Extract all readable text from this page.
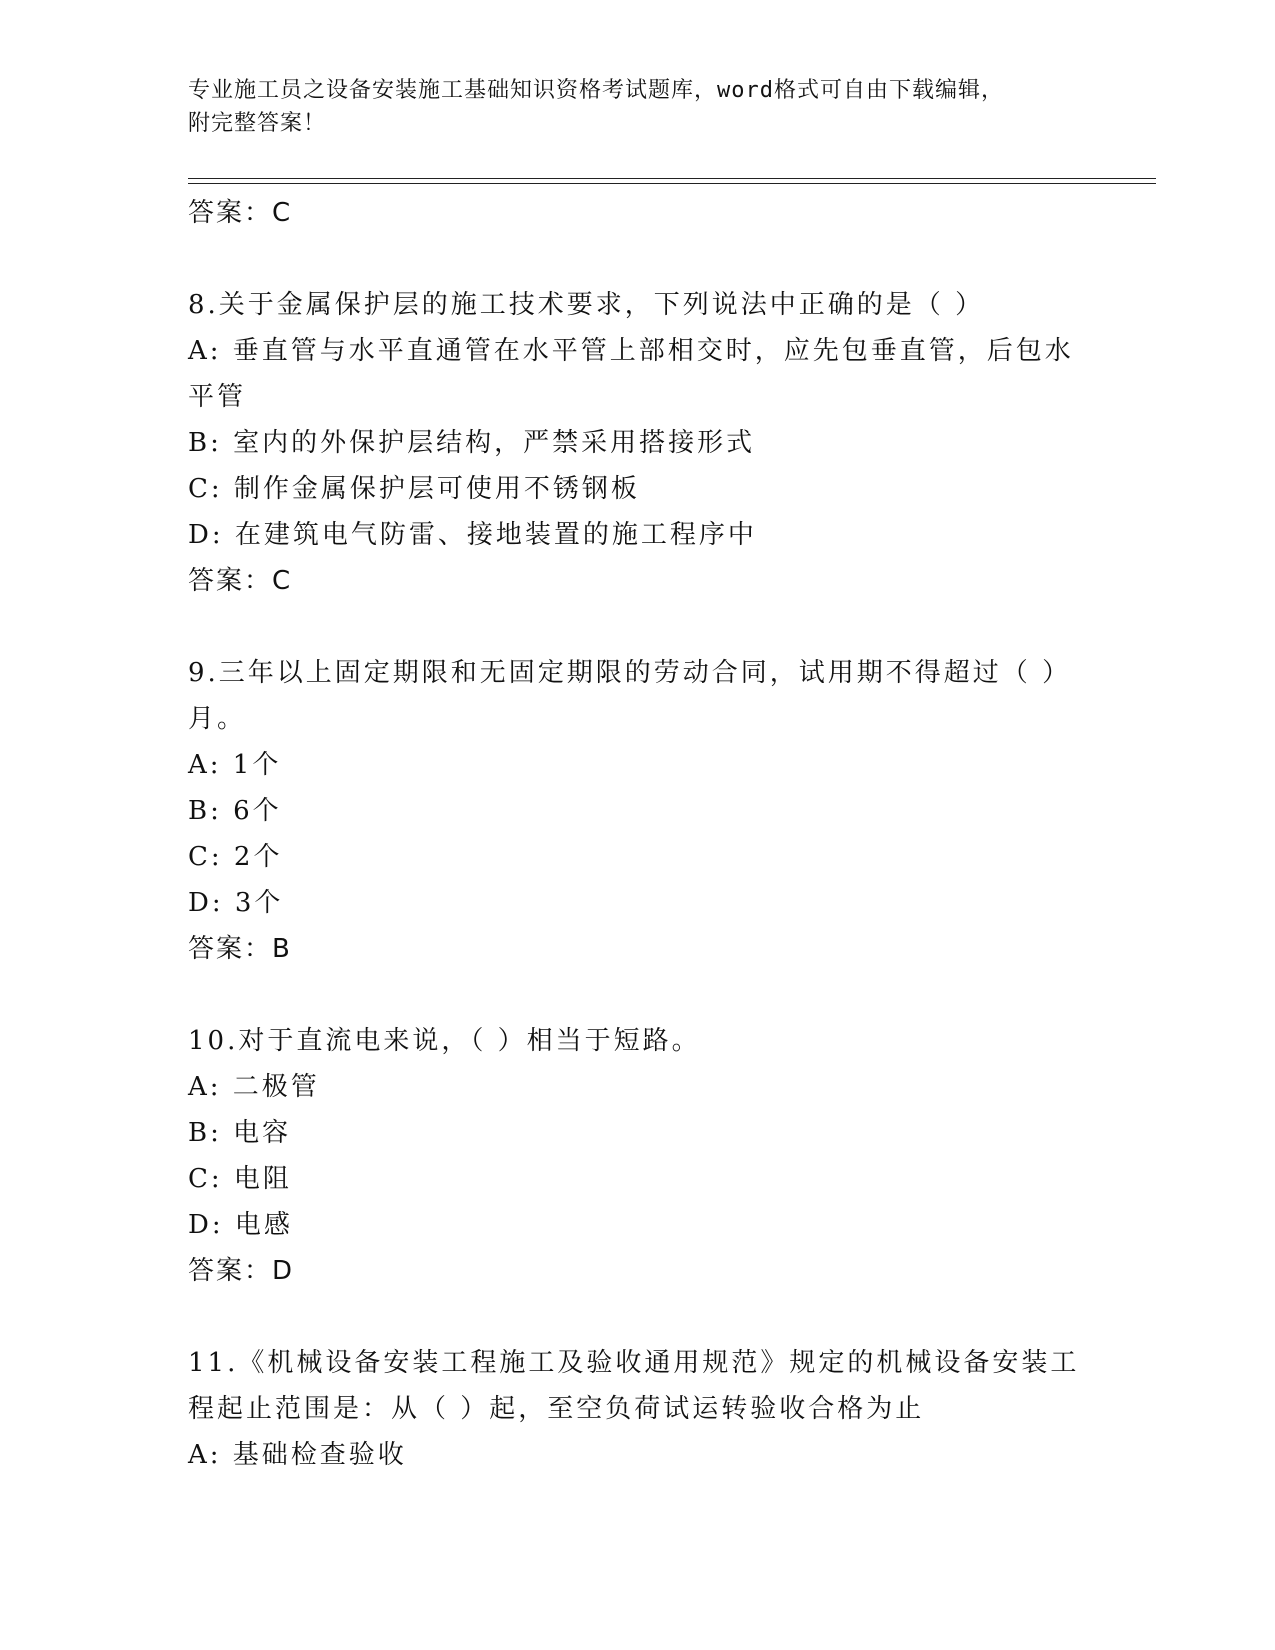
专业施工员之设备安装施工基础知识资格考试题库，word格式可自由下载编辑，
附完整答案！
答案：C
8.关于金属保护层的施工技术要求，下列说法中正确的是（ ）
A: 垂直管与水平直通管在水平管上部相交时，应先包垂直管，后包水
平管
B: 室内的外保护层结构，严禁采用搭接形式
C: 制作金属保护层可使用不锈钢板
D: 在建筑电气防雷、接地装置的施工程序中
答案：C
9.三年以上固定期限和无固定期限的劳动合同，试用期不得超过（ ）
月。
A: 1个
B: 6个
C: 2个
D: 3个
答案：B
10.对于直流电来说，（ ）相当于短路。
A: 二极管
B: 电容
C: 电阻
D: 电感
答案：D
11.《机械设备安装工程施工及验收通用规范》规定的机械设备安装工
程起止范围是：从（ ）起，至空负荷试运转验收合格为止
A: 基础检查验收
